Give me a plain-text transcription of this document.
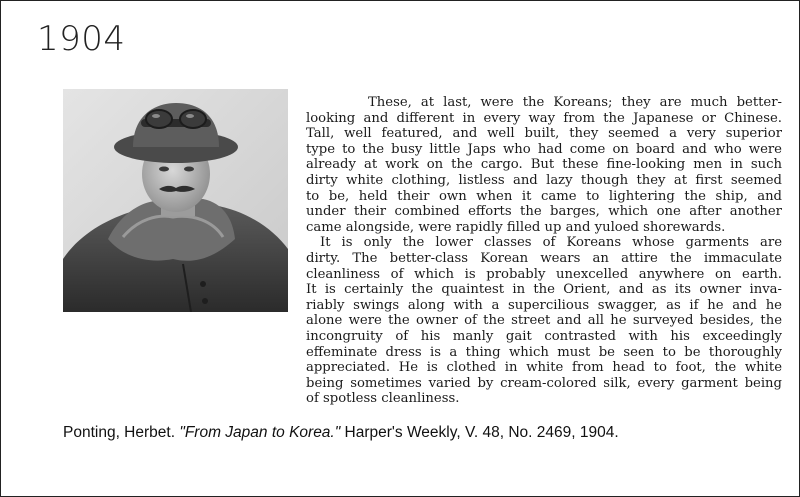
1904
These, at last, were the Koreans; they are much better-
looking and different in every way from the Japanese or Chinese.
Tall, well featured, and well built, they seemed a very superior
type to the busy little Japs who had come on board and who were
already at work on the cargo. But these fine-looking men in such
dirty white clothing, listless and lazy though they at first seemed
to be, held their own when it came to lightering the ship, and
under their combined efforts the barges, which one after another
came alongside, were rapidly filled up and yuloed shorewards.
It is only the lower classes of Koreans whose garments are
dirty. The better-class Korean wears an attire the immaculate
cleanliness of which is probably unexcelled anywhere on earth.
It is certainly the quaintest in the Orient, and as its owner inva-
riably swings along with a supercilious swagger, as if he and he
alone were the owner of the street and all he surveyed besides, the
incongruity of his manly gait contrasted with his exceedingly
effeminate dress is a thing which must be seen to be thoroughly
appreciated. He is clothed in white from head to foot, the white
being sometimes varied by cream-colored silk, every garment being
of spotless cleanliness.
Ponting, Herbet. "From Japan to Korea." Harper's Weekly, V. 48, No. 2469, 1904.
